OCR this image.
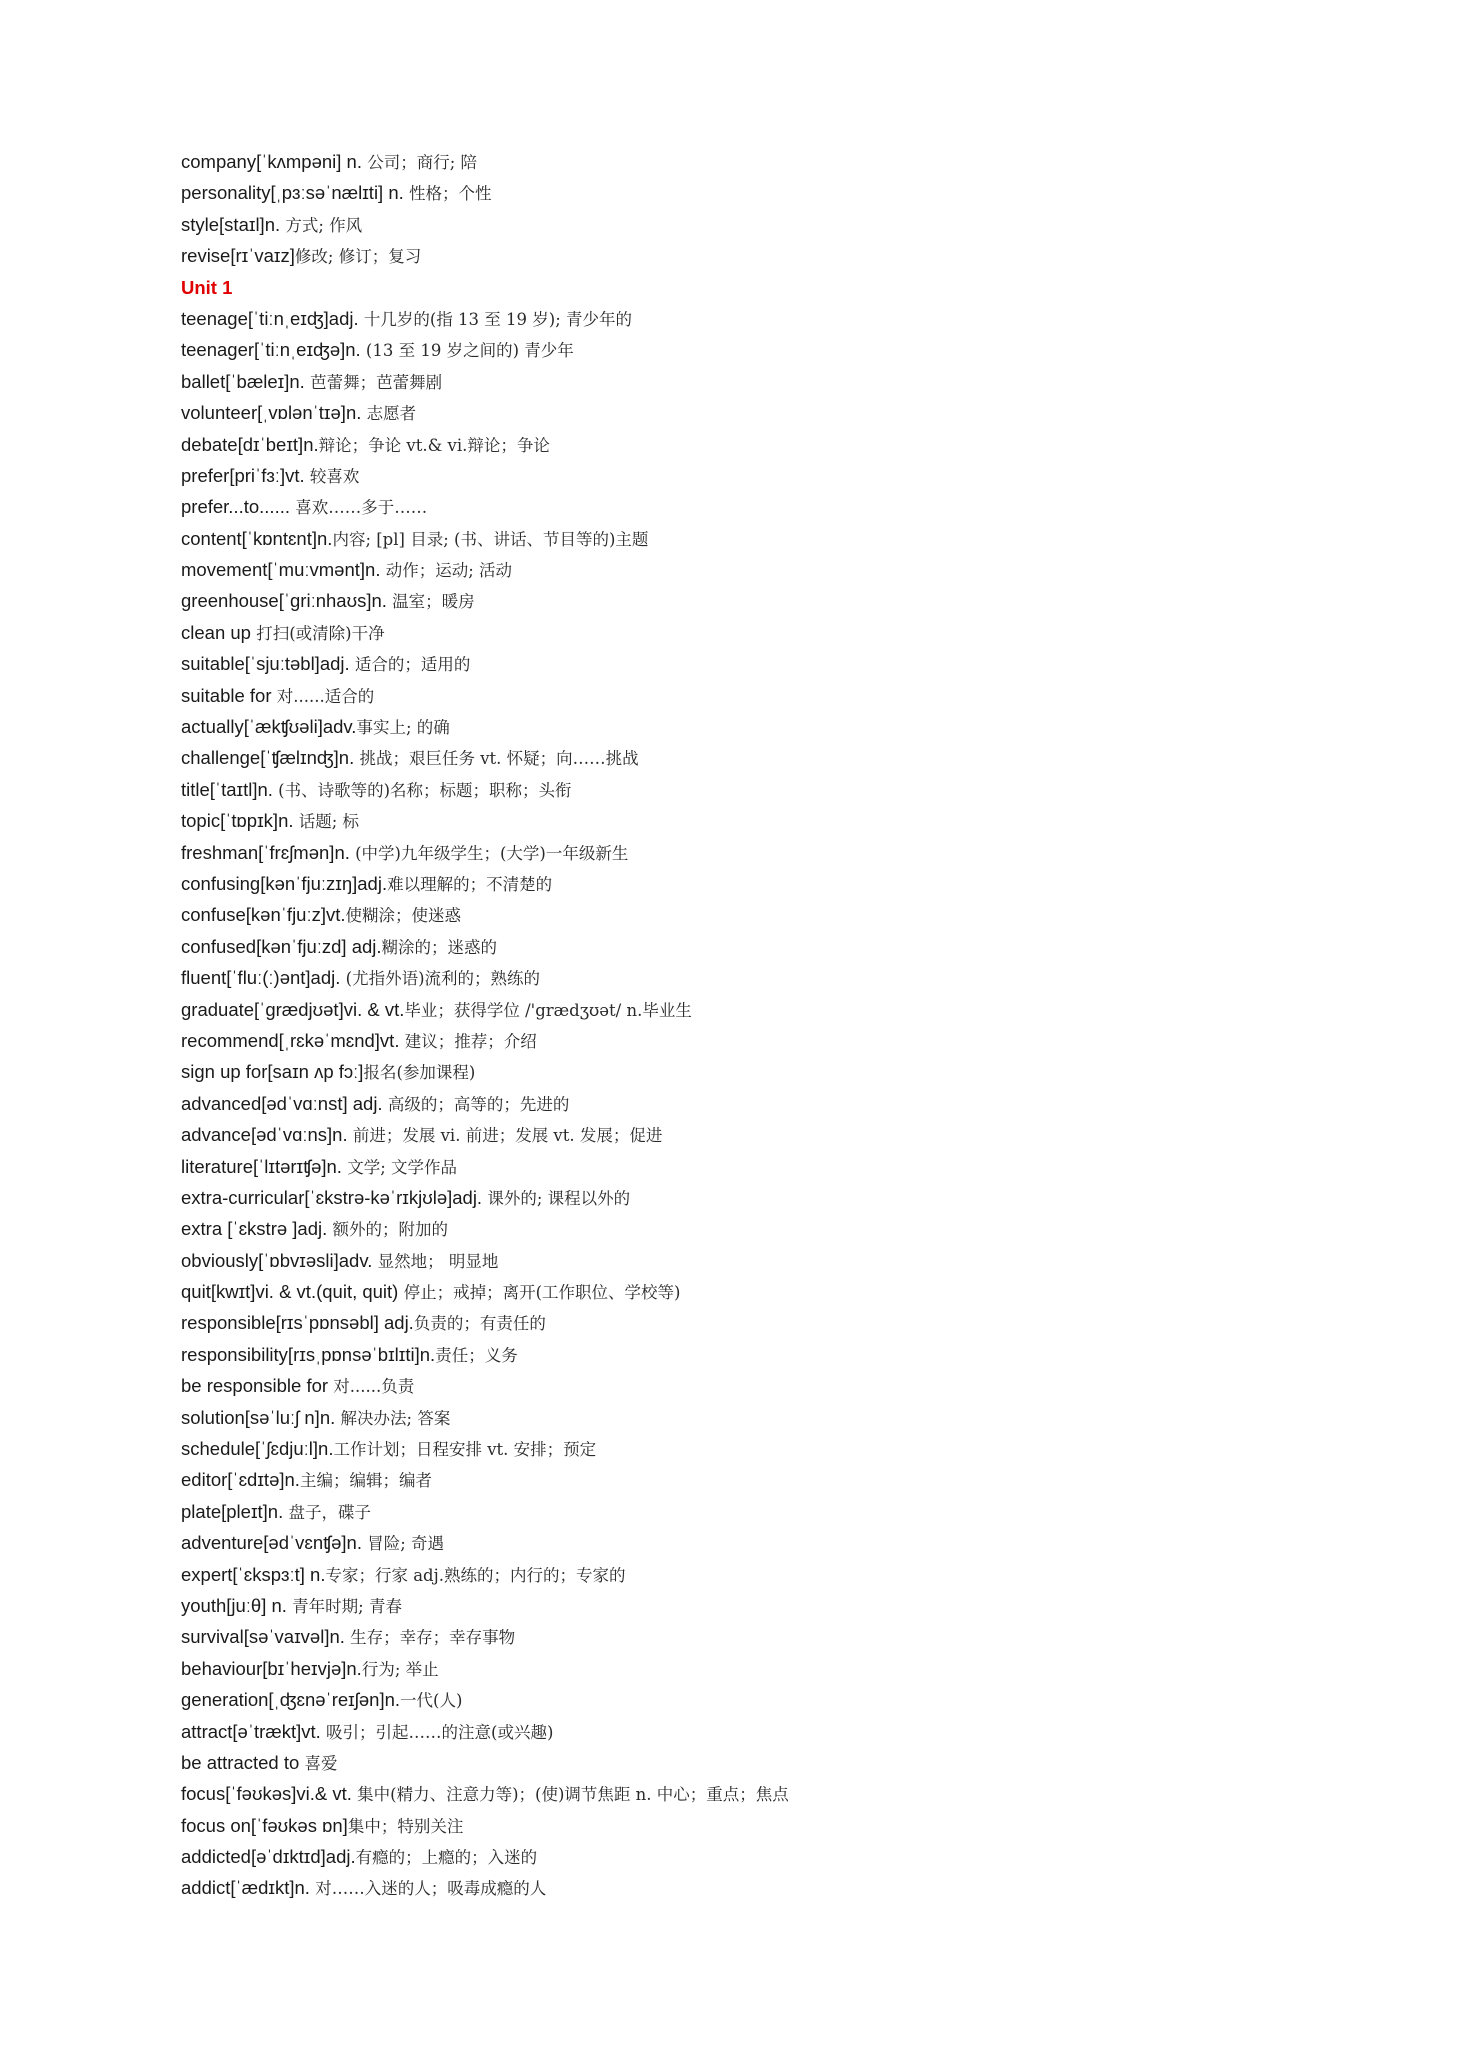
company[ˈkʌmpəni] n. 公司；商行; 陪
personality[ˌpɜːsəˈnælɪti] n. 性格；个性
style[staɪl]n. 方式; 作风
revise[rɪˈvaɪz]修改; 修订；复习
Unit 1
teenage[ˈtiːnˌeɪʤ]adj. 十几岁的(指 13 至 19 岁); 青少年的
teenager[ˈtiːnˌeɪʤə]n. (13 至 19 岁之间的) 青少年
ballet[ˈbæleɪ]n. 芭蕾舞；芭蕾舞剧
volunteer[ˌvɒlənˈtɪə]n. 志愿者
debate[dɪˈbeɪt]n.辩论；争论 vt.& vi.辩论；争论
prefer[priˈfɜː]vt. 较喜欢
prefer...to...... 喜欢……多于……
content[ˈkɒntɛnt]n.内容; [pl] 目录; (书、讲话、节目等的)主题
movement[ˈmuːvmənt]n. 动作；运动; 活动
greenhouse[ˈgriːnhaʊs]n. 温室；暖房
clean up 打扫(或清除)干净
suitable[ˈsjuːtəbl]adj. 适合的；适用的
suitable for 对......适合的
actually[ˈækʧʊəli]adv.事实上; 的确
challenge[ˈʧælɪnʤ]n. 挑战；艰巨任务 vt. 怀疑；向……挑战
title[ˈtaɪtl]n. (书、诗歌等的)名称；标题；职称；头衔
topic[ˈtɒpɪk]n. 话题; 标
freshman[ˈfrɛʃmən]n. (中学)九年级学生；(大学)一年级新生
confusing[kənˈfjuːzɪŋ]adj.难以理解的；不清楚的
confuse[kənˈfjuːz]vt.使糊涂；使迷惑
confused[kənˈfjuːzd] adj.糊涂的；迷惑的
fluent[ˈfluː(ː)ənt]adj. (尤指外语)流利的；熟练的
graduate[ˈgrædjʊət]vi. & vt.毕业；获得学位 /'grædʒʊət/ n.毕业生
recommend[ˌrɛkəˈmɛnd]vt. 建议；推荐；介绍
sign up for[saɪn ʌp fɔː]报名(参加课程)
advanced[ədˈvɑːnst] adj. 高级的；高等的；先进的
advance[ədˈvɑːns]n. 前进；发展 vi. 前进；发展 vt. 发展；促进
literature[ˈlɪtərɪʧə]n. 文学; 文学作品
extra-curricular[ˈɛkstrə-kəˈrɪkjʊlə]adj. 课外的; 课程以外的
extra [ˈɛkstrə ]adj. 额外的；附加的
obviously[ˈɒbvɪəsli]adv. 显然地； 明显地
quit[kwɪt]vi. & vt.(quit, quit) 停止；戒掉；离开(工作职位、学校等)
responsible[rɪsˈpɒnsəbl] adj.负责的；有责任的
responsibility[rɪsˌpɒnsəˈbɪlɪti]n.责任；义务
be responsible for 对......负责
solution[səˈluːʃ n]n. 解决办法; 答案
schedule[ˈʃɛdjuːl]n.工作计划；日程安排 vt. 安排；预定
editor[ˈɛdɪtə]n.主编；编辑；编者
plate[pleɪt]n. 盘子，碟子
adventure[ədˈvɛnʧə]n. 冒险; 奇遇
expert[ˈɛkspɜːt] n.专家；行家 adj.熟练的；内行的；专家的
youth[juːθ] n. 青年时期; 青春
survival[səˈvaɪvəl]n. 生存；幸存；幸存事物
behaviour[bɪˈheɪvjə]n.行为; 举止
generation[ˌʤɛnəˈreɪʃən]n.一代(人)
attract[əˈtrækt]vt. 吸引；引起……的注意(或兴趣)
be attracted to 喜爱
focus[ˈfəʊkəs]vi.& vt. 集中(精力、注意力等)；(使)调节焦距 n. 中心；重点；焦点
focus on[ˈfəʊkəs ɒn]集中；特别关注
addicted[əˈdɪktɪd]adj.有瘾的；上瘾的；入迷的
addict[ˈædɪkt]n. 对……入迷的人；吸毒成瘾的人
